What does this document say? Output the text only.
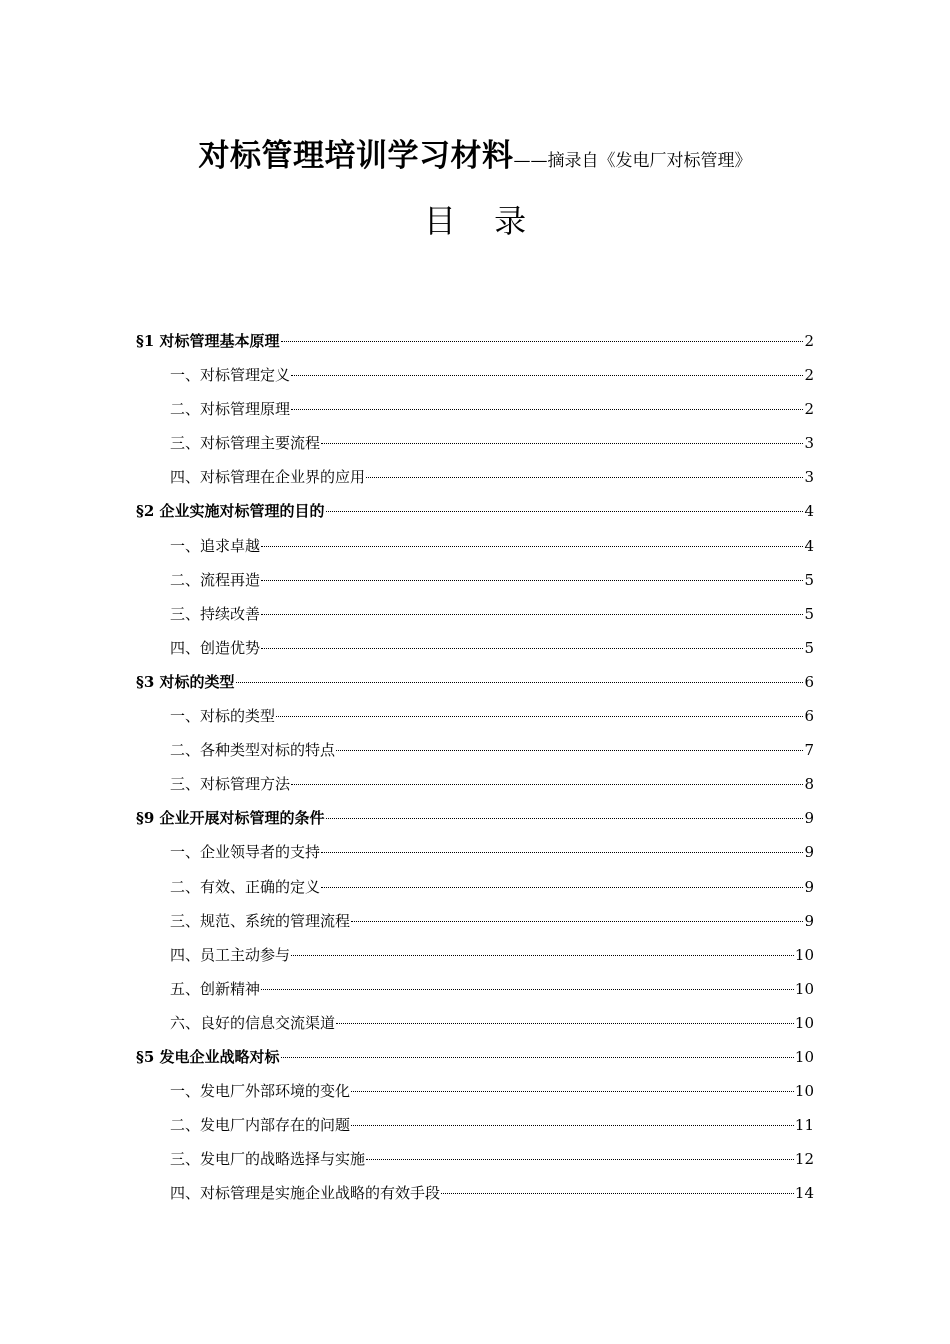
对标管理培训学习材料——摘录自《发电厂对标管理》
目 录
§1 对标管理基本原理	2
一、对标管理定义	2
二、对标管理原理	2
三、对标管理主要流程	3
四、对标管理在企业界的应用	3
§2 企业实施对标管理的目的	4
一、追求卓越	4
二、流程再造	5
三、持续改善	5
四、创造优势	5
§3 对标的类型	6
一、对标的类型	6
二、各种类型对标的特点	7
三、对标管理方法	8
§9 企业开展对标管理的条件	9
一、企业领导者的支持	9
二、有效、正确的定义	9
三、规范、系统的管理流程	9
四、员工主动参与	10
五、创新精神	10
六、良好的信息交流渠道	10
§5 发电企业战略对标	10
一、发电厂外部环境的变化	10
二、发电厂内部存在的问题	11
三、发电厂的战略选择与实施	12
四、对标管理是实施企业战略的有效手段	14
